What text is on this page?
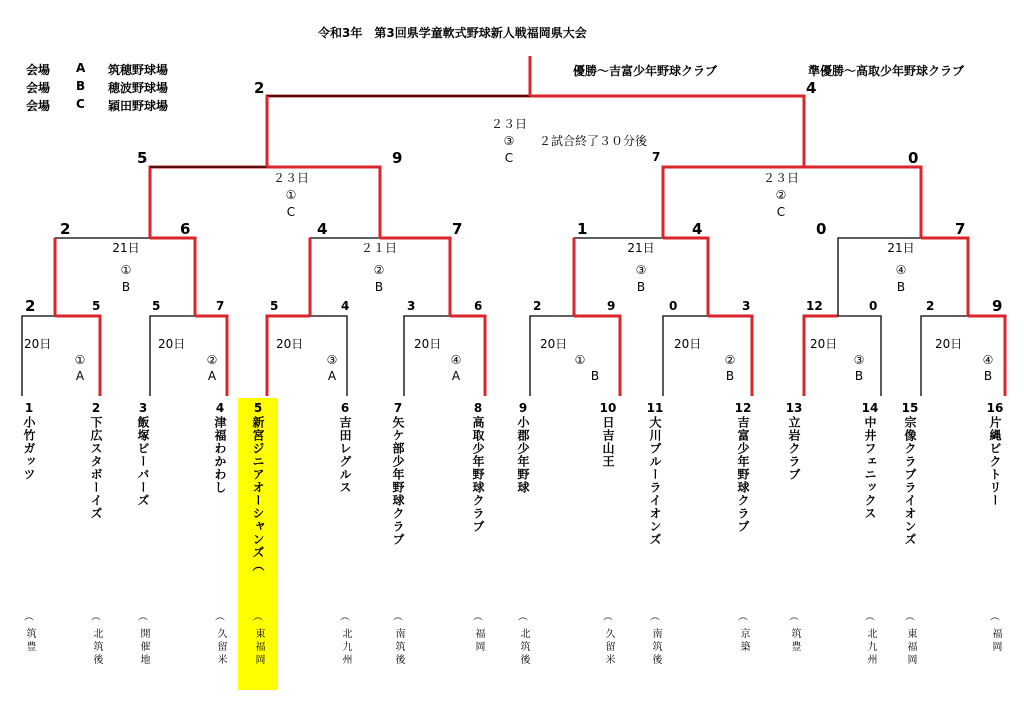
令和3年　第3回県学童軟式野球新人戦福岡県大会
会場 A 筑穂野球場
会場 B 穂波野球場
会場 C 穎田野球場
優勝～吉富少年野球クラブ	準優勝～高取少年野球クラブ
2	4
２３日
③
C
２試合終了３０分後
5	9
２３日
①
C
7	0
２３日
②
C
2	6
21日
①
B
4	7
２１日
②
B
1	4
21日
③
B
0	7
21日
④
B
2	5	5	7	5	4	3	6	2	9	0	3	12	0	2	9
20日
①
A
20日
②
A
20日
③
A
20日
④
A
20日
①
B
20日
②
B
20日
③
B
20日
④
B
1
小竹ガッツ
2
下広スタボーイズ
3
飯塚ビーバーズ
4
津福わかわし
5
新宮ジニアオーシャンズ（
6
吉田レグルス
7
矢ケ部少年野球クラブ
8
高取少年野球クラブ
9
小郡少年野球
10
日吉山王
11
大川ブルーライオンズ
12
吉富少年野球クラブ
13
立岩クラブ
14
中井フェニックス
15
宗像クラブライオンズ
16
片縄ビクトリー
︵
筑豊
︵
北筑後
︵
開催地
︵
久留米
︵
東福岡
︵
北九州
︵
南筑後
︵
福岡
︵
北筑後
︵
久留米
︵
南筑後
︵
京築
︵
筑豊
︵
北九州
︵
東福岡
︵
福岡
